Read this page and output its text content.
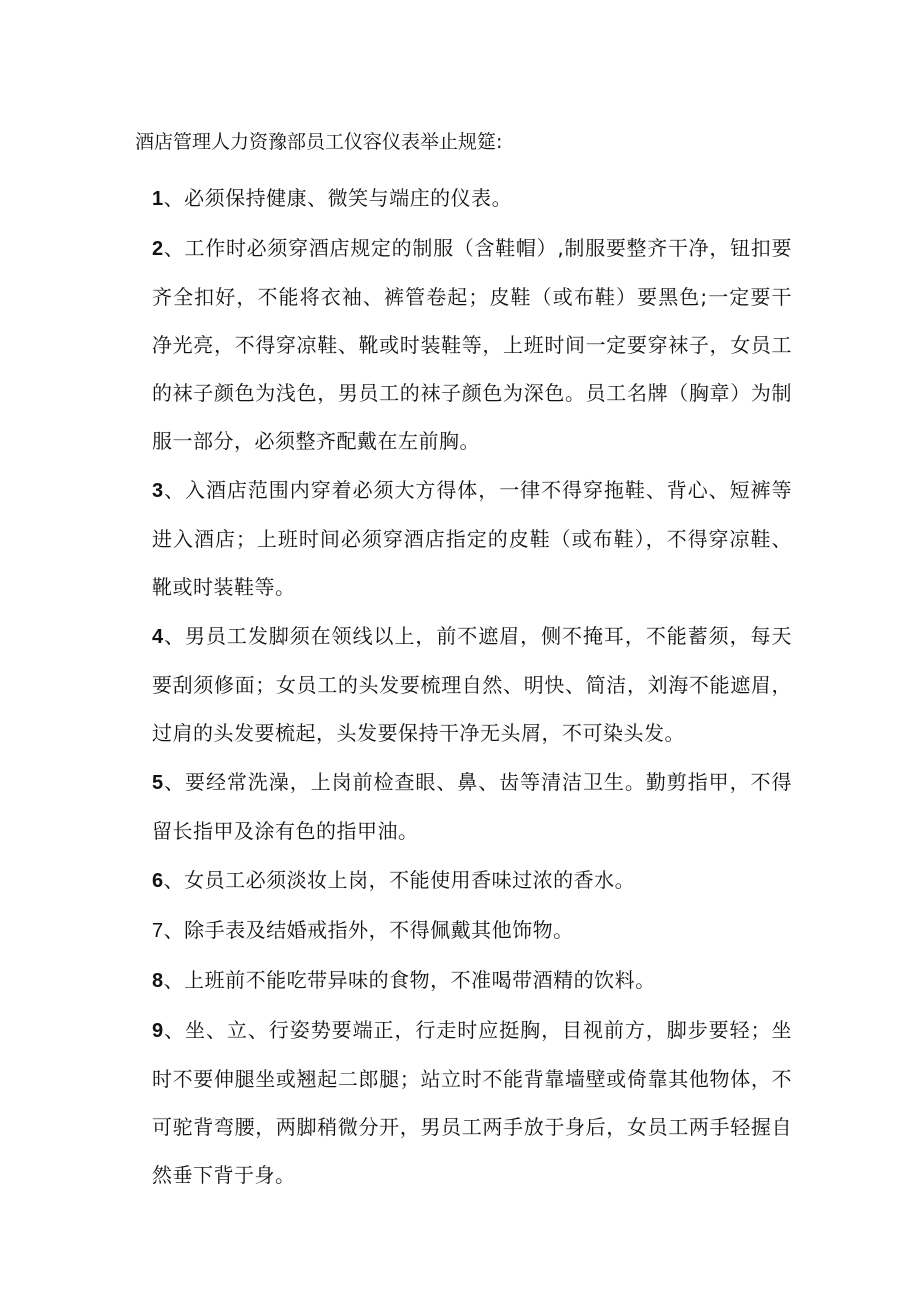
酒店管理人力资豫部员工仪容仪表举止规筵:

1、必须保持健康、微笑与端庄的仪表。

2、工作时必须穿酒店规定的制服（含鞋帽）,制服要整齐干净，钮扣要齐全扣好，不能将衣袖、裤管卷起；皮鞋（或布鞋）要黑色;一定要干净光亮，不得穿凉鞋、靴或时装鞋等，上班时间一定要穿袜子，女员工的袜子颜色为浅色，男员工的袜子颜色为深色。员工名牌（胸章）为制服一部分，必须整齐配戴在左前胸。

3、入酒店范围内穿着必须大方得体，一律不得穿拖鞋、背心、短裤等进入酒店；上班时间必须穿酒店指定的皮鞋（或布鞋），不得穿凉鞋、靴或时装鞋等。

4、男员工发脚须在领线以上，前不遮眉，侧不掩耳，不能蓄须，每天要刮须修面；女员工的头发要梳理自然、明快、简洁，刘海不能遮眉，过肩的头发要梳起，头发要保持干净无头屑，不可染头发。

5、要经常洗澡，上岗前检查眼、鼻、齿等清洁卫生。勤剪指甲，不得留长指甲及涂有色的指甲油。

6、女员工必须淡妆上岗，不能使用香味过浓的香水。

7、除手表及结婚戒指外，不得佩戴其他饰物。

8、上班前不能吃带异味的食物，不准喝带酒精的饮料。

9、坐、立、行姿势要端正，行走时应挺胸，目视前方，脚步要轻；坐时不要伸腿坐或翘起二郎腿；站立时不能背靠墙壁或倚靠其他物体，不可驼背弯腰，两脚稍微分开，男员工两手放于身后，女员工两手轻握自然垂下背于身。
